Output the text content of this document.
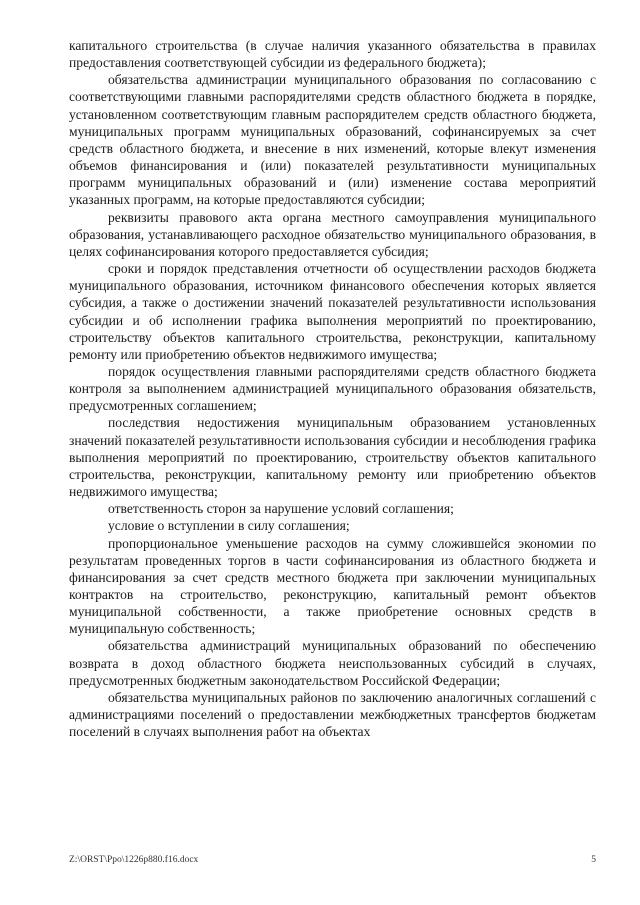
капитального строительства (в случае наличия указанного обязательства в правилах предоставления соответствующей субсидии из федерального бюджета);

обязательства администрации муниципального образования по согласованию с соответствующими главными распорядителями средств областного бюджета в порядке, установленном соответствующим главным распорядителем средств областного бюджета, муниципальных программ муниципальных образований, софинансируемых за счет средств областного бюджета, и внесение в них изменений, которые влекут изменения объемов финансирования и (или) показателей результативности муниципальных программ муниципальных образований и (или) изменение состава мероприятий указанных программ, на которые предоставляются субсидии;

реквизиты правового акта органа местного самоуправления муниципального образования, устанавливающего расходное обязательство муниципального образования, в целях софинансирования которого предоставляется субсидия;

сроки и порядок представления отчетности об осуществлении расходов бюджета муниципального образования, источником финансового обеспечения которых является субсидия, а также о достижении значений показателей результативности использования субсидии и об исполнении графика выполнения мероприятий по проектированию, строительству объектов капитального строительства, реконструкции, капитальному ремонту или приобретению объектов недвижимого имущества;

порядок осуществления главными распорядителями средств областного бюджета контроля за выполнением администрацией муниципального образования обязательств, предусмотренных соглашением;

последствия недостижения муниципальным образованием установленных значений показателей результативности использования субсидии и несоблюдения графика выполнения мероприятий по проектированию, строительству объектов капитального строительства, реконструкции, капитальному ремонту или приобретению объектов недвижимого имущества;

ответственность сторон за нарушение условий соглашения;

условие о вступлении в силу соглашения;

пропорциональное уменьшение расходов на сумму сложившейся экономии по результатам проведенных торгов в части софинансирования из областного бюджета и финансирования за счет средств местного бюджета при заключении муниципальных контрактов на строительство, реконструкцию, капитальный ремонт объектов муниципальной собственности, а также приобретение основных средств в муниципальную собственность;

обязательства администраций муниципальных образований по обеспечению возврата в доход областного бюджета неиспользованных субсидий в случаях, предусмотренных бюджетным законодательством Российской Федерации;

обязательства муниципальных районов по заключению аналогичных соглашений с администрациями поселений о предоставлении межбюджетных трансфертов бюджетам поселений в случаях выполнения работ на объектах

Z:\ORST\Ppo\1226p880.f16.docx	5
